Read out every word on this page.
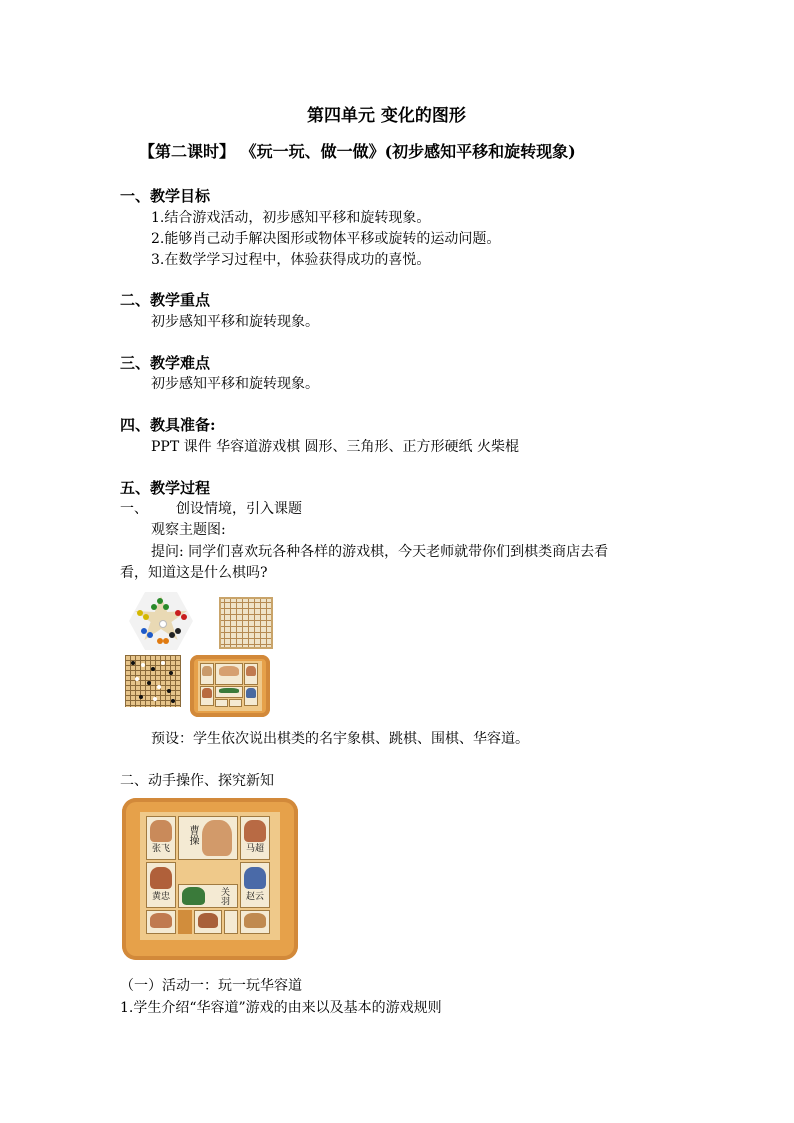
第四单元 变化的图形
【第二课时】 《玩一玩、做一做》(初步感知平移和旋转现象)
一、教学目标
1.结合游戏活动，初步感知平移和旋转现象。
2.能够肖己动手解决图形或物体平移或旋转的运动问题。
3.在数学学习过程中，体验获得成功的喜悦。
二、教学重点
初步感知平移和旋转现象。
三、教学难点
初步感知平移和旋转现象。
四、教具准备:
PPT 课件 华容道游戏棋 圆形、三角形、正方形硬纸 火柴棍
五、教学过程
一、 创设情境，引入课题
观察主题图:
提问: 同学们喜欢玩各种各样的游戏棋，今天老师就带你们到棋类商店去看
看，知道这是什么棋吗?
预设：学生依次说出棋类的名宇象棋、跳棋、围棋、华容道。
二、动手操作、探究新知
张飞
曹操
马超
黄忠	关羽	赵云
（一）活动一：玩一玩华容道
1.学生介绍“华容道”游戏的由来以及基本的游戏规则
